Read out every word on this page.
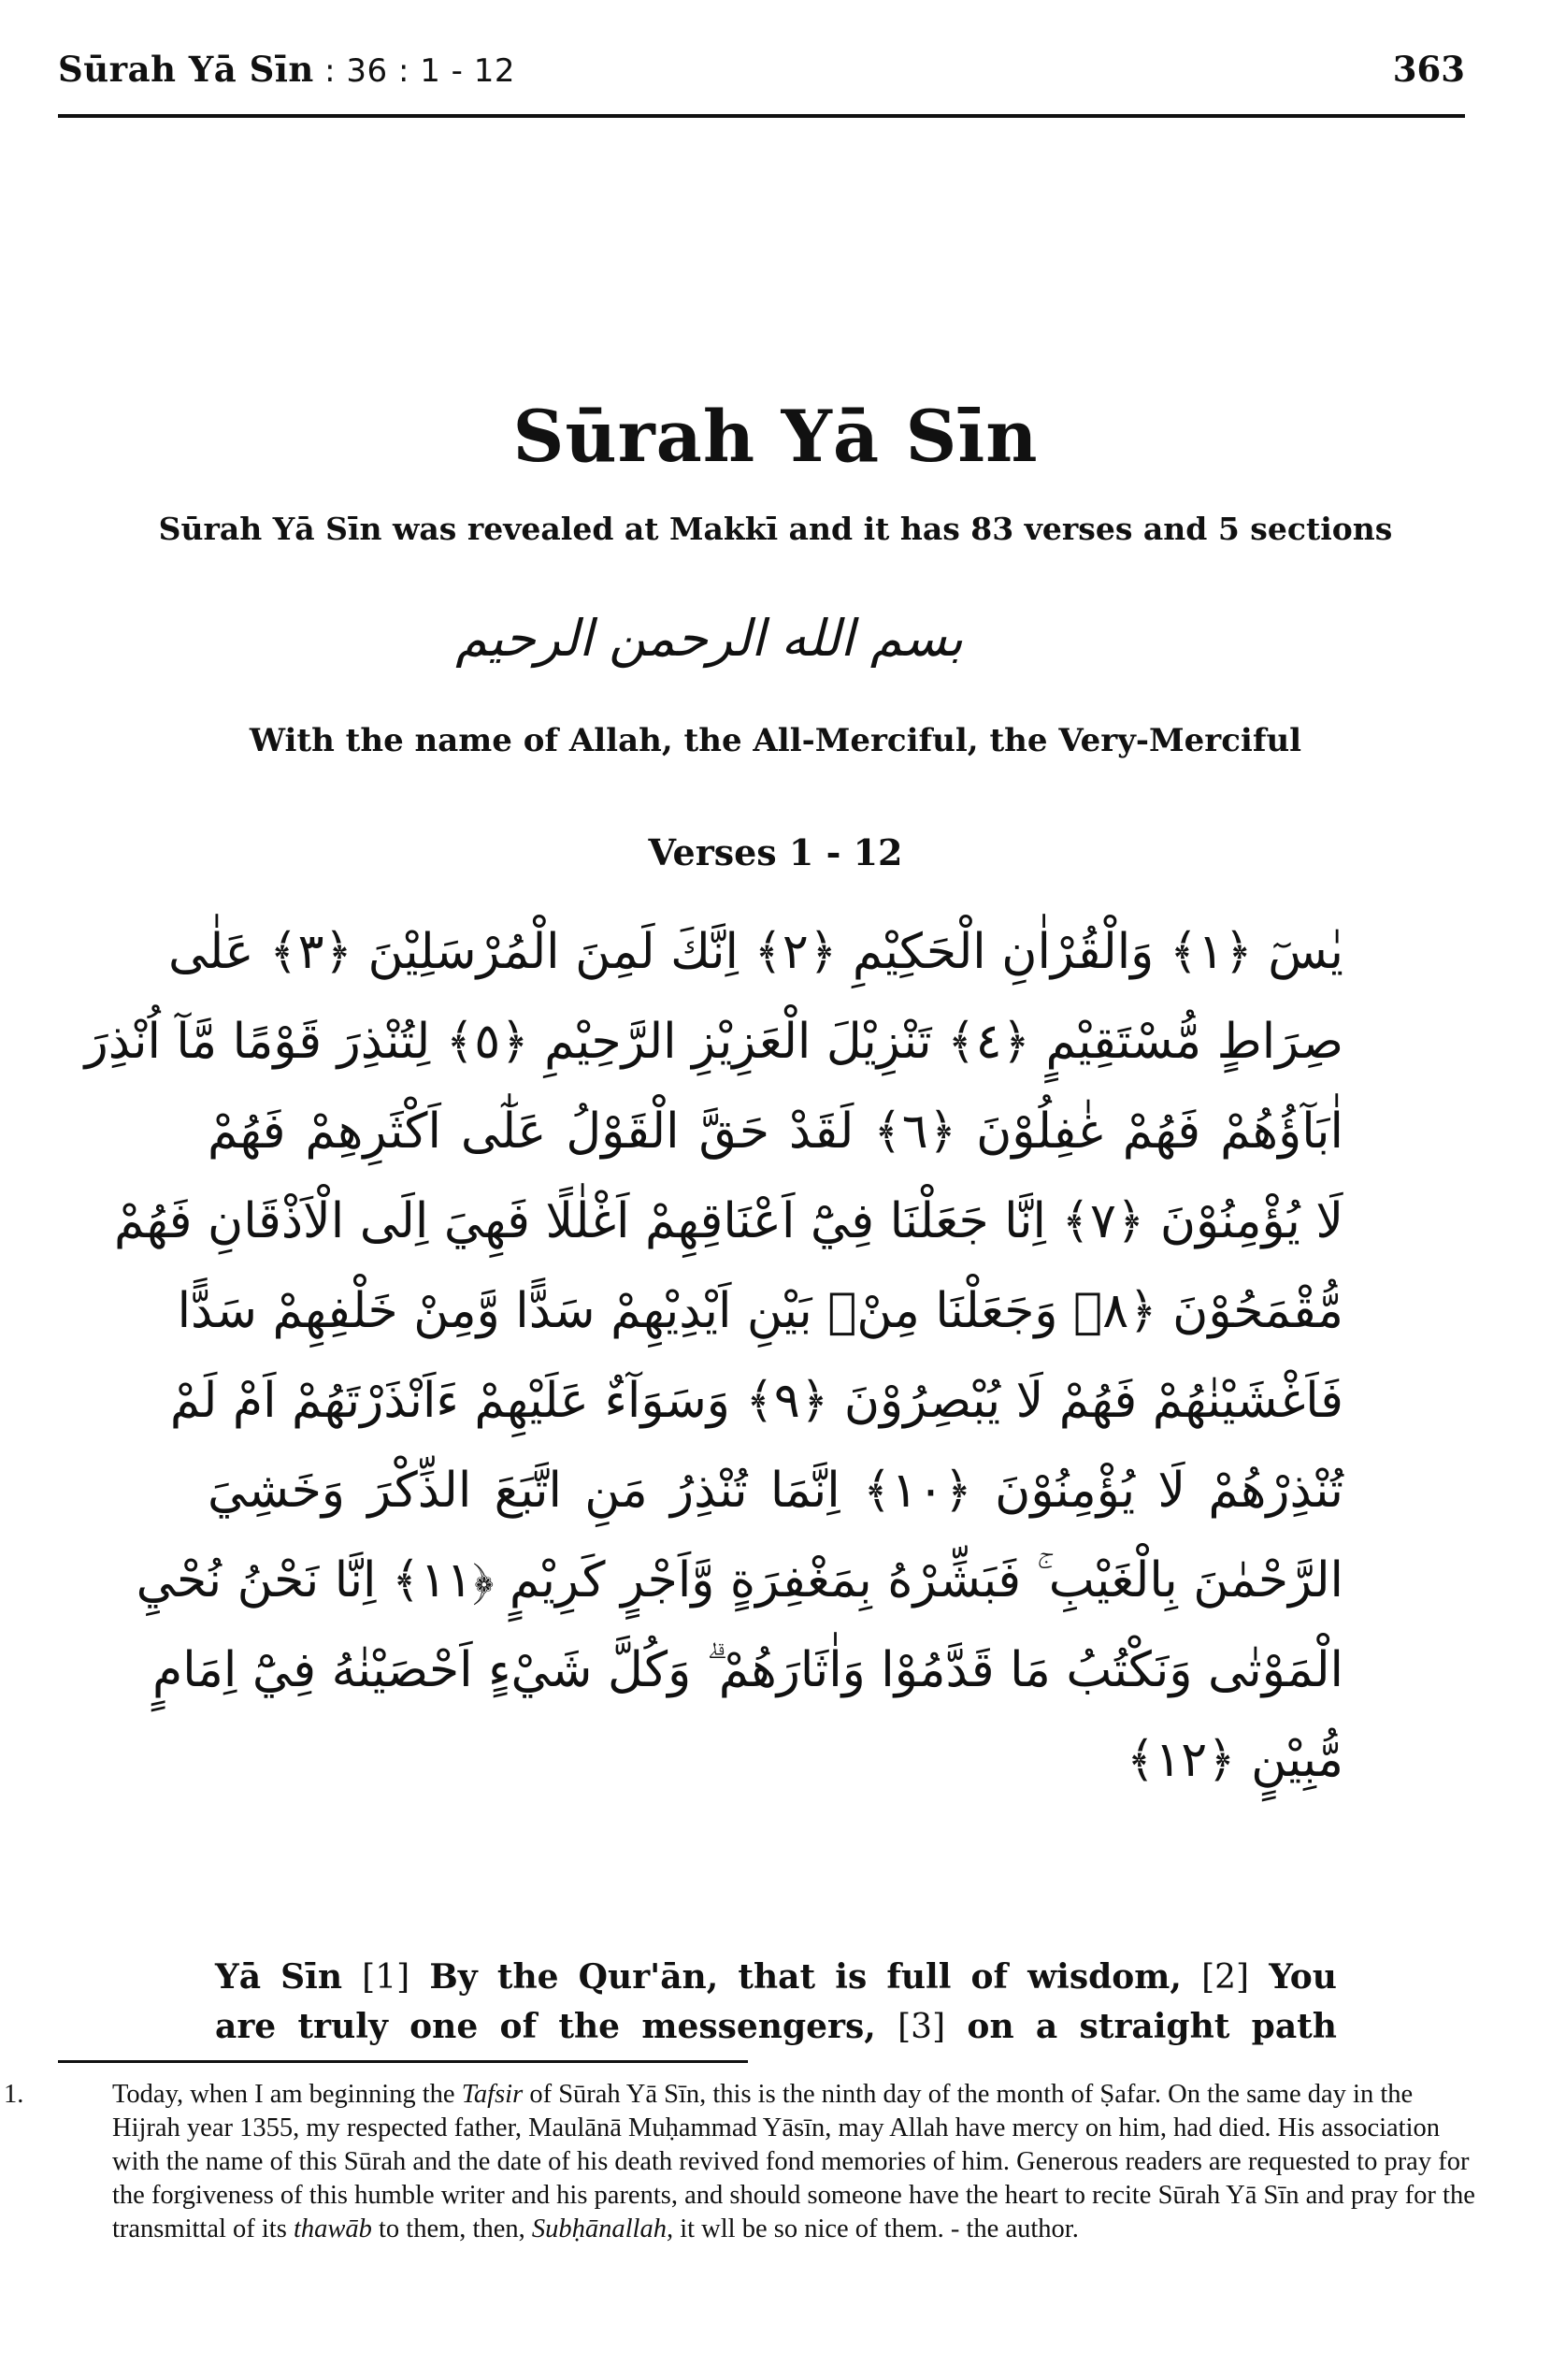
Sūrah Yā Sīn : 36 : 1 - 12	363
Sūrah Yā Sīn
Sūrah Yā Sīn was revealed at Makkī and it has 83 verses and 5 sections
بسم الله الرحمن الرحيم
With the name of Allah, the All-Merciful, the Very-Merciful
Verses 1 - 12
يٰسٓ ﴿١﴾ وَالْقُرْاٰنِ الْحَكِيْمِ ﴿٢﴾ اِنَّكَ لَمِنَ الْمُرْسَلِيْنَ ﴿٣﴾ عَلٰى
صِرَاطٍ مُّسْتَقِيْمٍ ﴿٤﴾ تَنْزِيْلَ الْعَزِيْزِ الرَّحِيْمِ ﴿٥﴾ لِتُنْذِرَ قَوْمًا مَّآ اُنْذِرَ
اٰبَآؤُهُمْ فَهُمْ غٰفِلُوْنَ ﴿٦﴾ لَقَدْ حَقَّ الْقَوْلُ عَلٰٓى اَكْثَرِهِمْ فَهُمْ
لَا يُؤْمِنُوْنَ ﴿٧﴾ اِنَّا جَعَلْنَا فِيْٓ اَعْنَاقِهِمْ اَغْلٰلًا فَهِيَ اِلَى الْاَذْقَانِ فَهُمْ
مُّقْمَحُوْنَ ﴿٨﴾ وَجَعَلْنَا مِنْۢ بَيْنِ اَيْدِيْهِمْ سَدًّا وَّمِنْ خَلْفِهِمْ سَدًّا
فَاَغْشَيْنٰهُمْ فَهُمْ لَا يُبْصِرُوْنَ ﴿٩﴾ وَسَوَآءٌ عَلَيْهِمْ ءَاَنْذَرْتَهُمْ اَمْ لَمْ
تُنْذِرْهُمْ لَا يُؤْمِنُوْنَ ﴿١٠﴾ اِنَّمَا تُنْذِرُ مَنِ اتَّبَعَ الذِّكْرَ وَخَشِيَ
الرَّحْمٰنَ بِالْغَيْبِ ۚ فَبَشِّرْهُ بِمَغْفِرَةٍ وَّاَجْرٍ كَرِيْمٍ ﴿١١﴾ اِنَّا نَحْنُ نُحْيِ
الْمَوْتٰى وَنَكْتُبُ مَا قَدَّمُوْا وَاٰثَارَهُمْ ۗ وَكُلَّ شَيْءٍ اَحْصَيْنٰهُ فِيْٓ اِمَامٍ
مُّبِيْنٍ ﴿١٢﴾
Yā Sīn [1] By the Qur'ān, that is full of wisdom, [2] You
are truly one of the messengers, [3] on a straight path

1.	Today, when I am beginning the Tafsir of Sūrah Yā Sīn, this is the ninth day of the month of Ṣafar. On the same day in the Hijrah year 1355, my respected father, Maulānā Muḥammad Yāsīn, may Allah have mercy on him, had died. His association with the name of this Sūrah and the date of his death revived fond memories of him. Generous readers are requested to pray for the forgiveness of this humble writer and his parents, and should someone have the heart to recite Sūrah Yā Sīn and pray for the transmittal of its thawāb to them, then, Subḥānallah, it wll be so nice of them. - the author.
